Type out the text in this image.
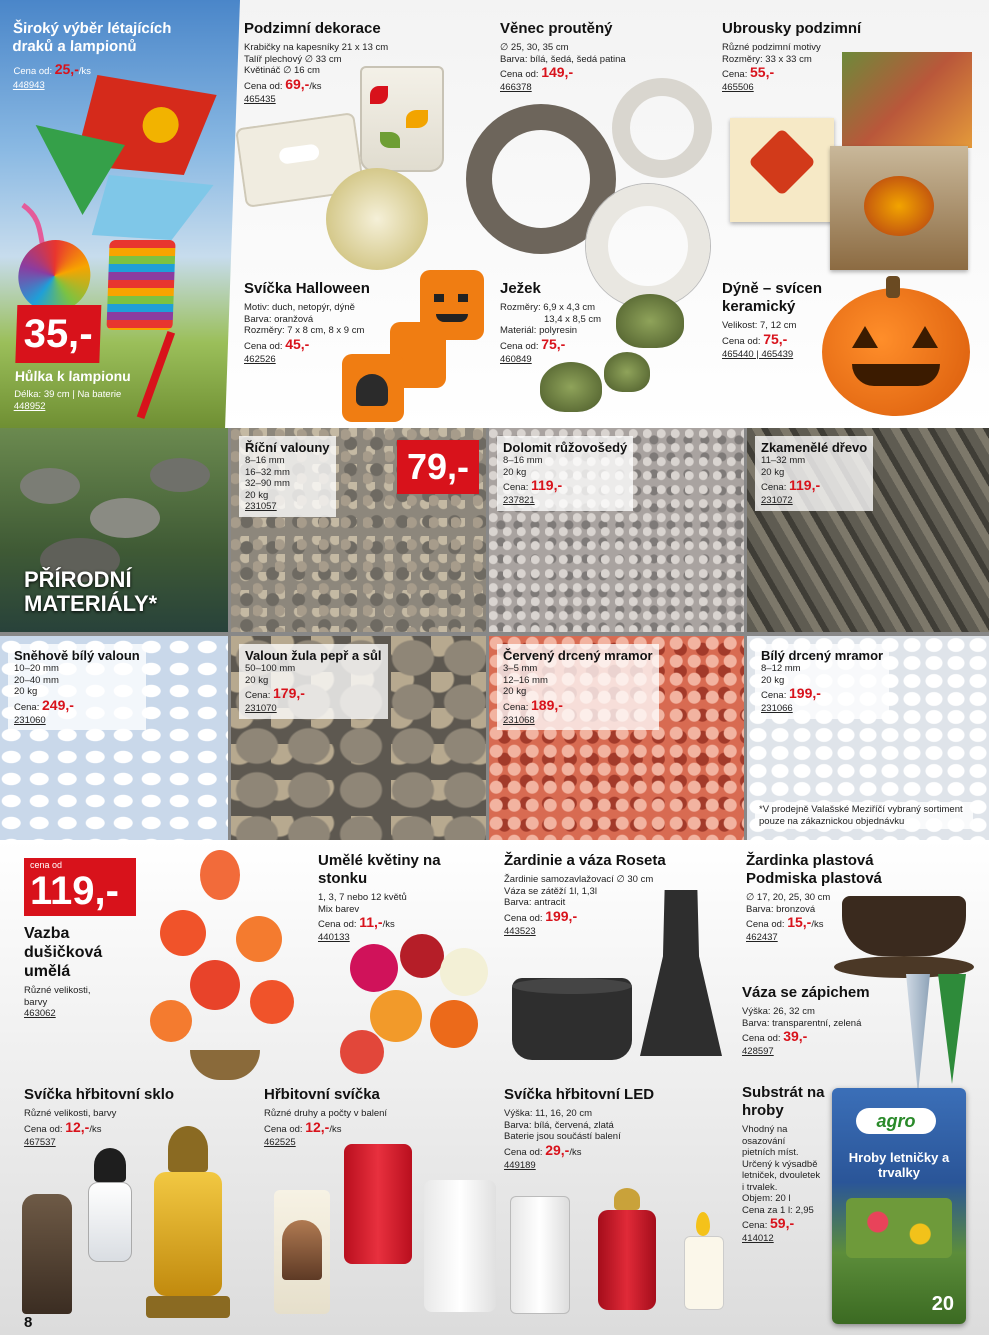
Široký výběr létajících draků a lampionů
Cena od: 25,-/ks
448943
35,-
Hůlka k lampionu
Délka: 39 cm | Na baterie
448952
Podzimní dekorace
Krabičky na kapesníky 21 x 13 cm
Talíř plechový ∅ 33 cm
Květináč ∅ 16 cm
Cena od: 69,-/ks
465435
Věnec proutěný
∅ 25, 30, 35 cm
Barva: bílá, šedá, šedá patina
Cena od: 149,-
466378
Ubrousky podzimní
Různé podzimní motivy
Rozměry: 33 x 33 cm
Cena: 55,-
465506
Svíčka Halloween
Motiv: duch, netopýr, dýně
Barva: oranžová
Rozměry: 7 x 8 cm, 8 x 9 cm
Cena od: 45,-
462526
Ježek
Rozměry: 6,9 x 4,3 cm
13,4 x 8,5 cm
Materiál: polyresin
Cena od: 75,-
460849
Dýně – svícen keramický
Velikost: 7, 12 cm
Cena od: 75,-
465440 | 465439
PŘÍRODNÍ MATERIÁLY*
Říční valouny
8–16 mm
16–32 mm
32–90 mm
20 kg
231057
79,-	Dolomit růžovošedý
8–16 mm
20 kg
Cena: 119,-
237821
Zkamenělé dřevo
11–32 mm
20 kg
Cena: 119,-
231072
Sněhově bílý valoun
10–20 mm
20–40 mm
20 kg
Cena: 249,-
231060
Valoun žula pepř a sůl
50–100 mm
20 kg
Cena: 179,-
231070
Červený drcený mramor
3–5 mm
12–16 mm
20 kg
Cena: 189,-
231068
Bílý drcený mramor
8–12 mm
20 kg
Cena: 199,-
231066
*V prodejně Valašské Meziříčí vybraný sortiment pouze na zákaznickou objednávku
cena od
119,-
Vazba dušičková umělá
Různé velikosti,
barvy
463062
Umělé květiny na stonku
1, 3, 7 nebo 12 květů
Mix barev
Cena od: 11,-/ks
440133
Žardinie a váza Roseta
Žardinie samozavlažovací ∅ 30 cm
Váza se zátěží 1l, 1,3l
Barva: antracit
Cena od: 199,-
443523
Žardinka plastová Podmiska plastová
∅ 17, 20, 25, 30 cm
Barva: bronzová
Cena od: 15,-/ks
462437
Váza se zápichem
Výška: 26, 32 cm
Barva: transparentní, zelená
Cena od: 39,-
428597
Svíčka hřbitovní sklo
Různé velikosti, barvy
Cena od: 12,-/ks
467537
Hřbitovní svíčka
Různé druhy a počty v balení
Cena od: 12,-/ks
462525
Svíčka hřbitovní LED
Výška: 11, 16, 20 cm
Barva: bílá, červená, zlatá
Baterie jsou součástí balení
Cena od: 29,-/ks
449189
Substrát na hroby
Vhodný na
osazování
pietních míst.
Určený k výsadbě
letniček, dvouletek
i trvalek.
Objem: 20 l
Cena za 1 l: 2,95
Cena: 59,-
414012
agro
Hroby letničky a trvalky
20
8
